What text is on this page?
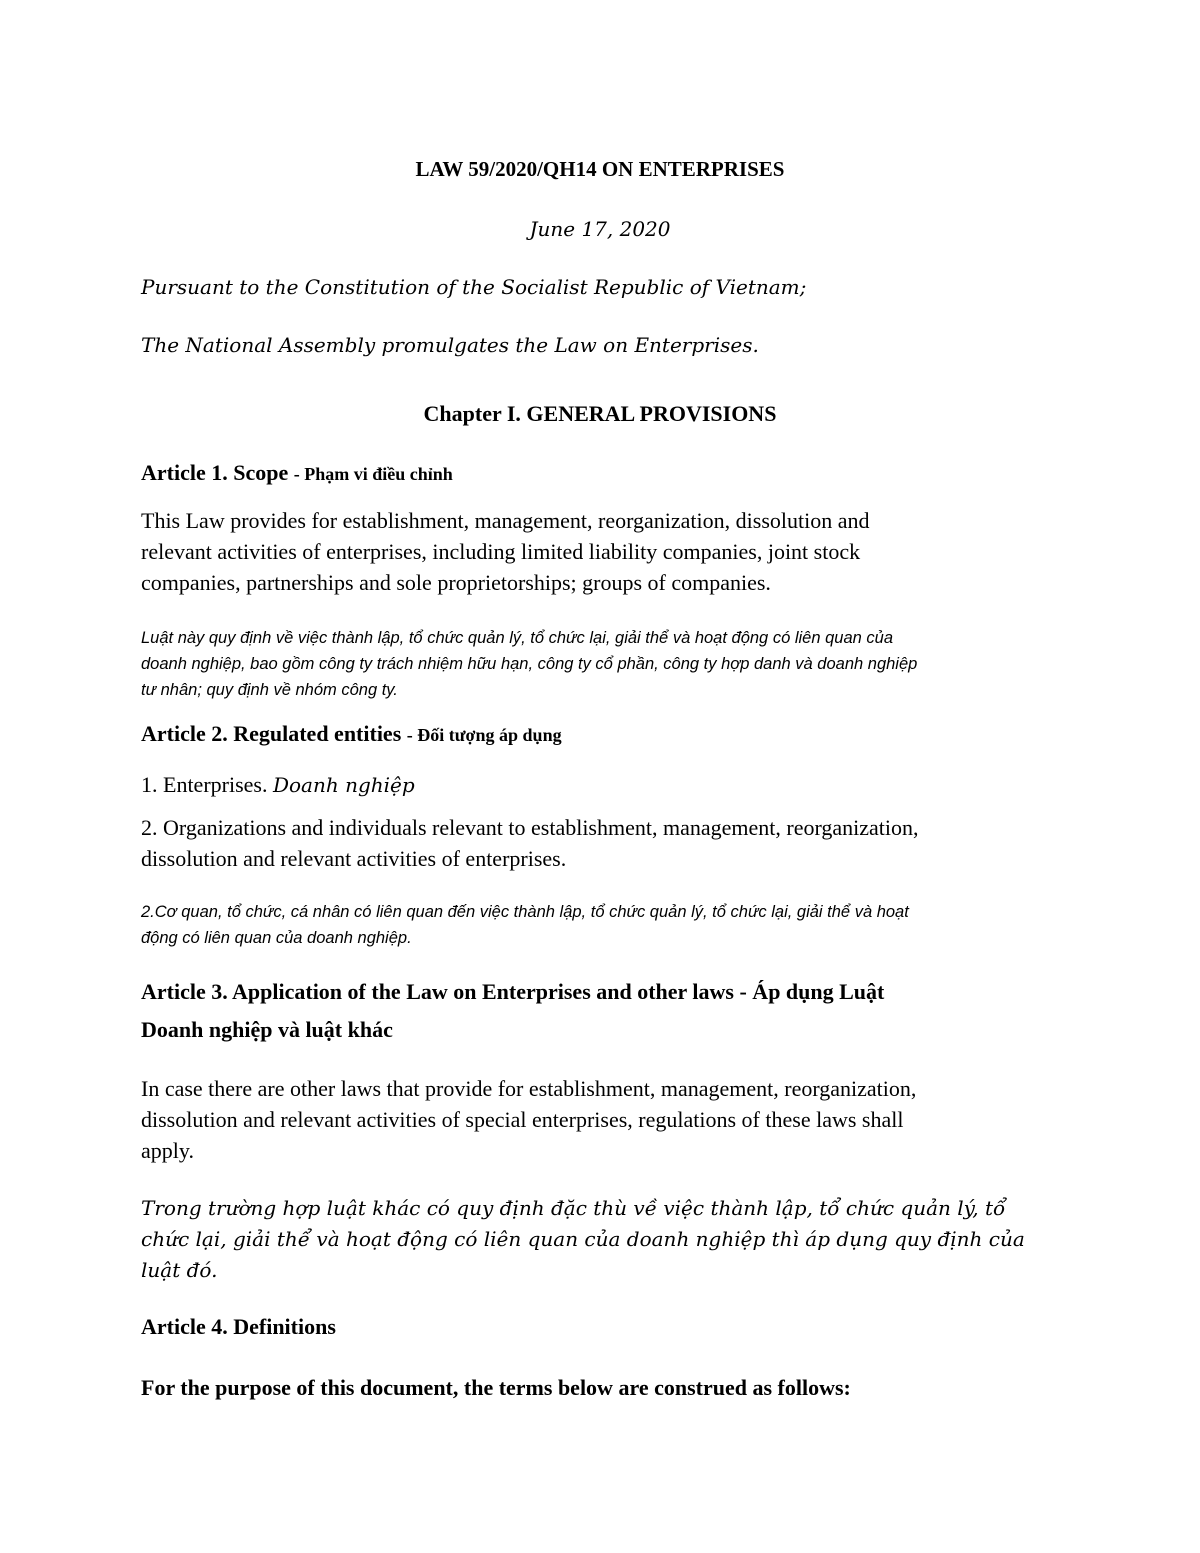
LAW 59/2020/QH14 ON ENTERPRISES

June 17, 2020

Pursuant to the Constitution of the Socialist Republic of Vietnam;

The National Assembly promulgates the Law on Enterprises.

Chapter I. GENERAL PROVISIONS
Article 1. Scope - Phạm vi điều chỉnh
This Law provides for establishment, management, reorganization, dissolution and
relevant activities of enterprises, including limited liability companies, joint stock
companies, partnerships and sole proprietorships; groups of companies.
Luật này quy định về việc thành lập, tổ chức quản lý, tổ chức lại, giải thể và hoạt động có liên quan của
doanh nghiệp, bao gồm công ty trách nhiệm hữu hạn, công ty cổ phần, công ty hợp danh và doanh nghiệp
tư nhân; quy định về nhóm công ty.
Article 2. Regulated entities - Đối tượng áp dụng

1. Enterprises. Doanh nghiệp

2. Organizations and individuals relevant to establishment, management, reorganization,
dissolution and relevant activities of enterprises.
2.Cơ quan, tổ chức, cá nhân có liên quan đến việc thành lập, tổ chức quản lý, tổ chức lại, giải thể và hoạt
động có liên quan của doanh nghiệp.
Article 3. Application of the Law on Enterprises and other laws - Áp dụng Luật
Doanh nghiệp và luật khác
In case there are other laws that provide for establishment, management, reorganization,
dissolution and relevant activities of special enterprises, regulations of these laws shall
apply.
Trong trường hợp luật khác có quy định đặc thù về việc thành lập, tổ chức quản lý, tổ
chức lại, giải thể và hoạt động có liên quan của doanh nghiệp thì áp dụng quy định của
luật đó.
Article 4. Definitions

For the purpose of this document, the terms below are construed as follows:
